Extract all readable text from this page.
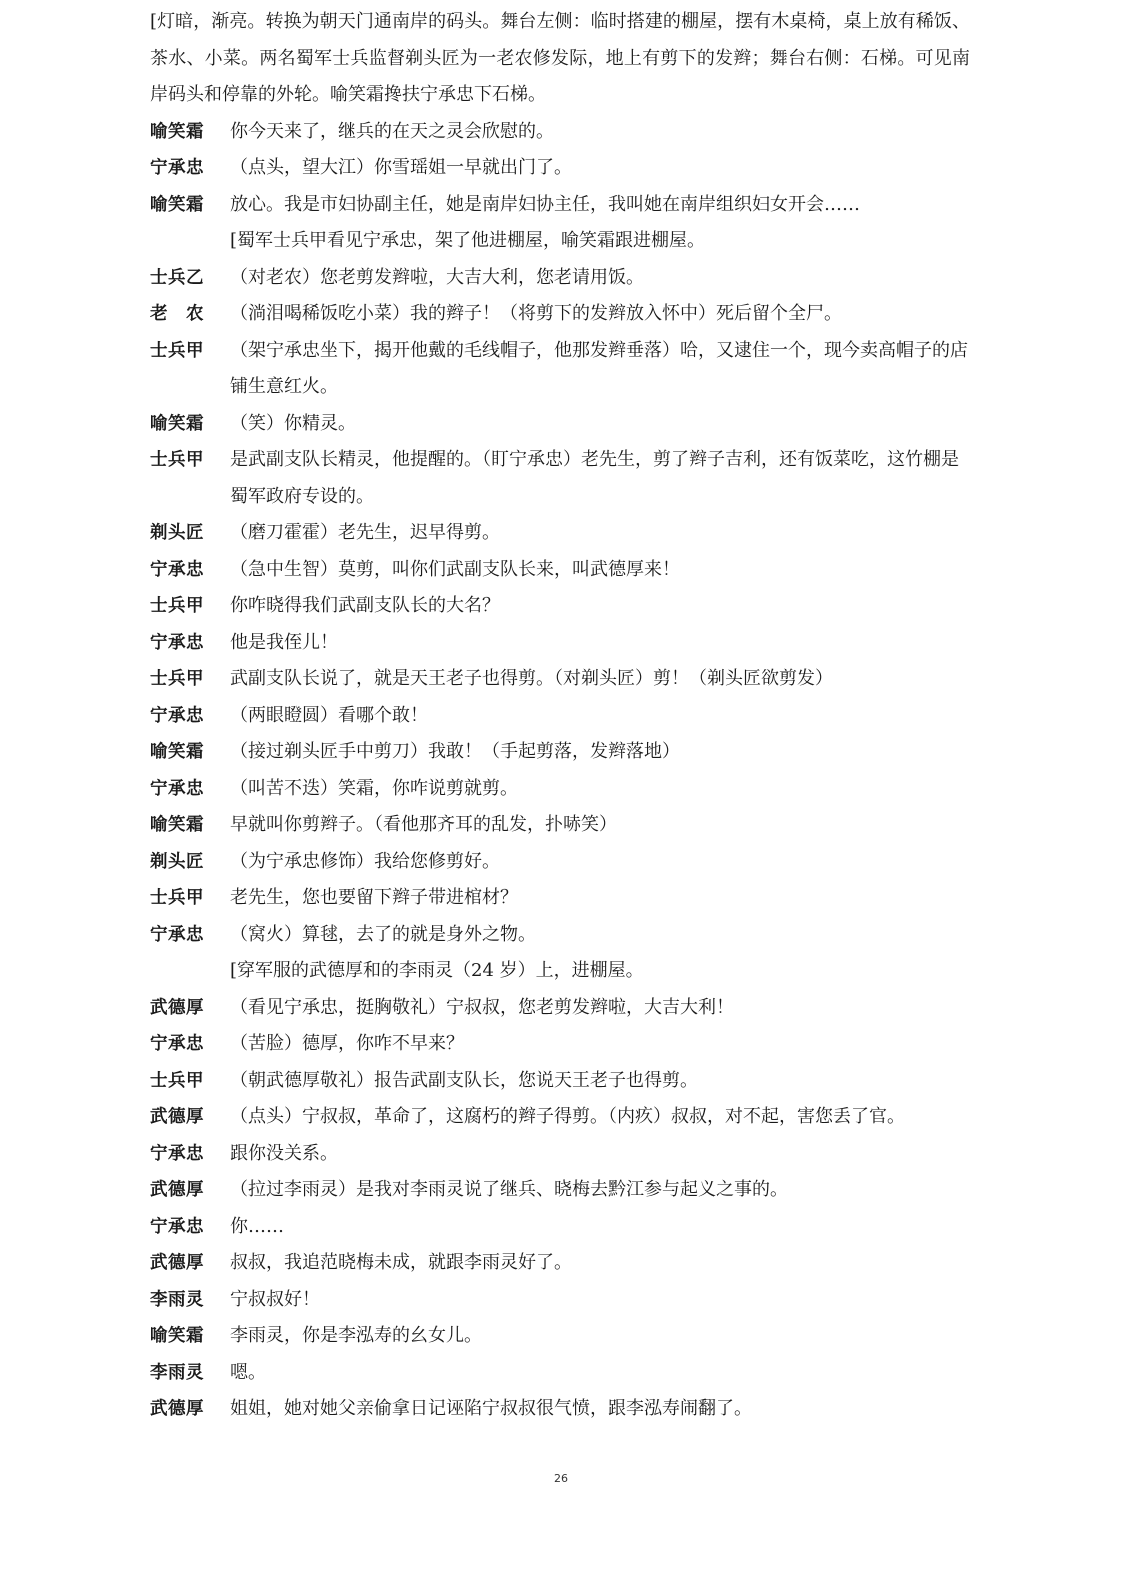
[灯暗，渐亮。转换为朝天门通南岸的码头。舞台左侧：临时搭建的棚屋，摆有木桌椅，桌上放有稀饭、茶水、小菜。两名蜀军士兵监督剃头匠为一老农修发际，地上有剪下的发辫；舞台右侧：石梯。可见南岸码头和停靠的外轮。喻笑霜搀扶宁承忠下石梯。

喻笑霜	你今天来了，继兵的在天之灵会欣慰的。
宁承忠	（点头，望大江）你雪瑶姐一早就出门了。
喻笑霜	放心。我是市妇协副主任，她是南岸妇协主任，我叫她在南岸组织妇女开会……
[蜀军士兵甲看见宁承忠，架了他进棚屋，喻笑霜跟进棚屋。
士兵乙	（对老农）您老剪发辫啦，大吉大利，您老请用饭。
老　农	（淌泪喝稀饭吃小菜）我的辫子！（将剪下的发辫放入怀中）死后留个全尸。
士兵甲	（架宁承忠坐下，揭开他戴的毛线帽子，他那发辫垂落）哈，又逮住一个，现今卖高帽子的店铺生意红火。
喻笑霜	（笑）你精灵。
士兵甲	是武副支队长精灵，他提醒的。（盯宁承忠）老先生，剪了辫子吉利，还有饭菜吃，这竹棚是蜀军政府专设的。
剃头匠	（磨刀霍霍）老先生，迟早得剪。
宁承忠	（急中生智）莫剪，叫你们武副支队长来，叫武德厚来！
士兵甲	你咋晓得我们武副支队长的大名？
宁承忠	他是我侄儿！
士兵甲	武副支队长说了，就是天王老子也得剪。（对剃头匠）剪！（剃头匠欲剪发）
宁承忠	（两眼瞪圆）看哪个敢！
喻笑霜	（接过剃头匠手中剪刀）我敢！（手起剪落，发辫落地）
宁承忠	（叫苦不迭）笑霜，你咋说剪就剪。
喻笑霜	早就叫你剪辫子。（看他那齐耳的乱发，扑哧笑）
剃头匠	（为宁承忠修饰）我给您修剪好。
士兵甲	老先生，您也要留下辫子带进棺材？
宁承忠	（窝火）算毬，去了的就是身外之物。
[穿军服的武德厚和的李雨灵（24 岁）上，进棚屋。
武德厚	（看见宁承忠，挺胸敬礼）宁叔叔，您老剪发辫啦，大吉大利！
宁承忠	（苦脸）德厚，你咋不早来？
士兵甲	（朝武德厚敬礼）报告武副支队长，您说天王老子也得剪。
武德厚	（点头）宁叔叔，革命了，这腐朽的辫子得剪。（内疚）叔叔，对不起，害您丢了官。
宁承忠	跟你没关系。
武德厚	（拉过李雨灵）是我对李雨灵说了继兵、晓梅去黔江参与起义之事的。
宁承忠	你……
武德厚	叔叔，我追范晓梅未成，就跟李雨灵好了。
李雨灵	宁叔叔好！
喻笑霜	李雨灵，你是李泓寿的幺女儿。
李雨灵	嗯。
武德厚	姐姐，她对她父亲偷拿日记诬陷宁叔叔很气愤，跟李泓寿闹翻了。
26
